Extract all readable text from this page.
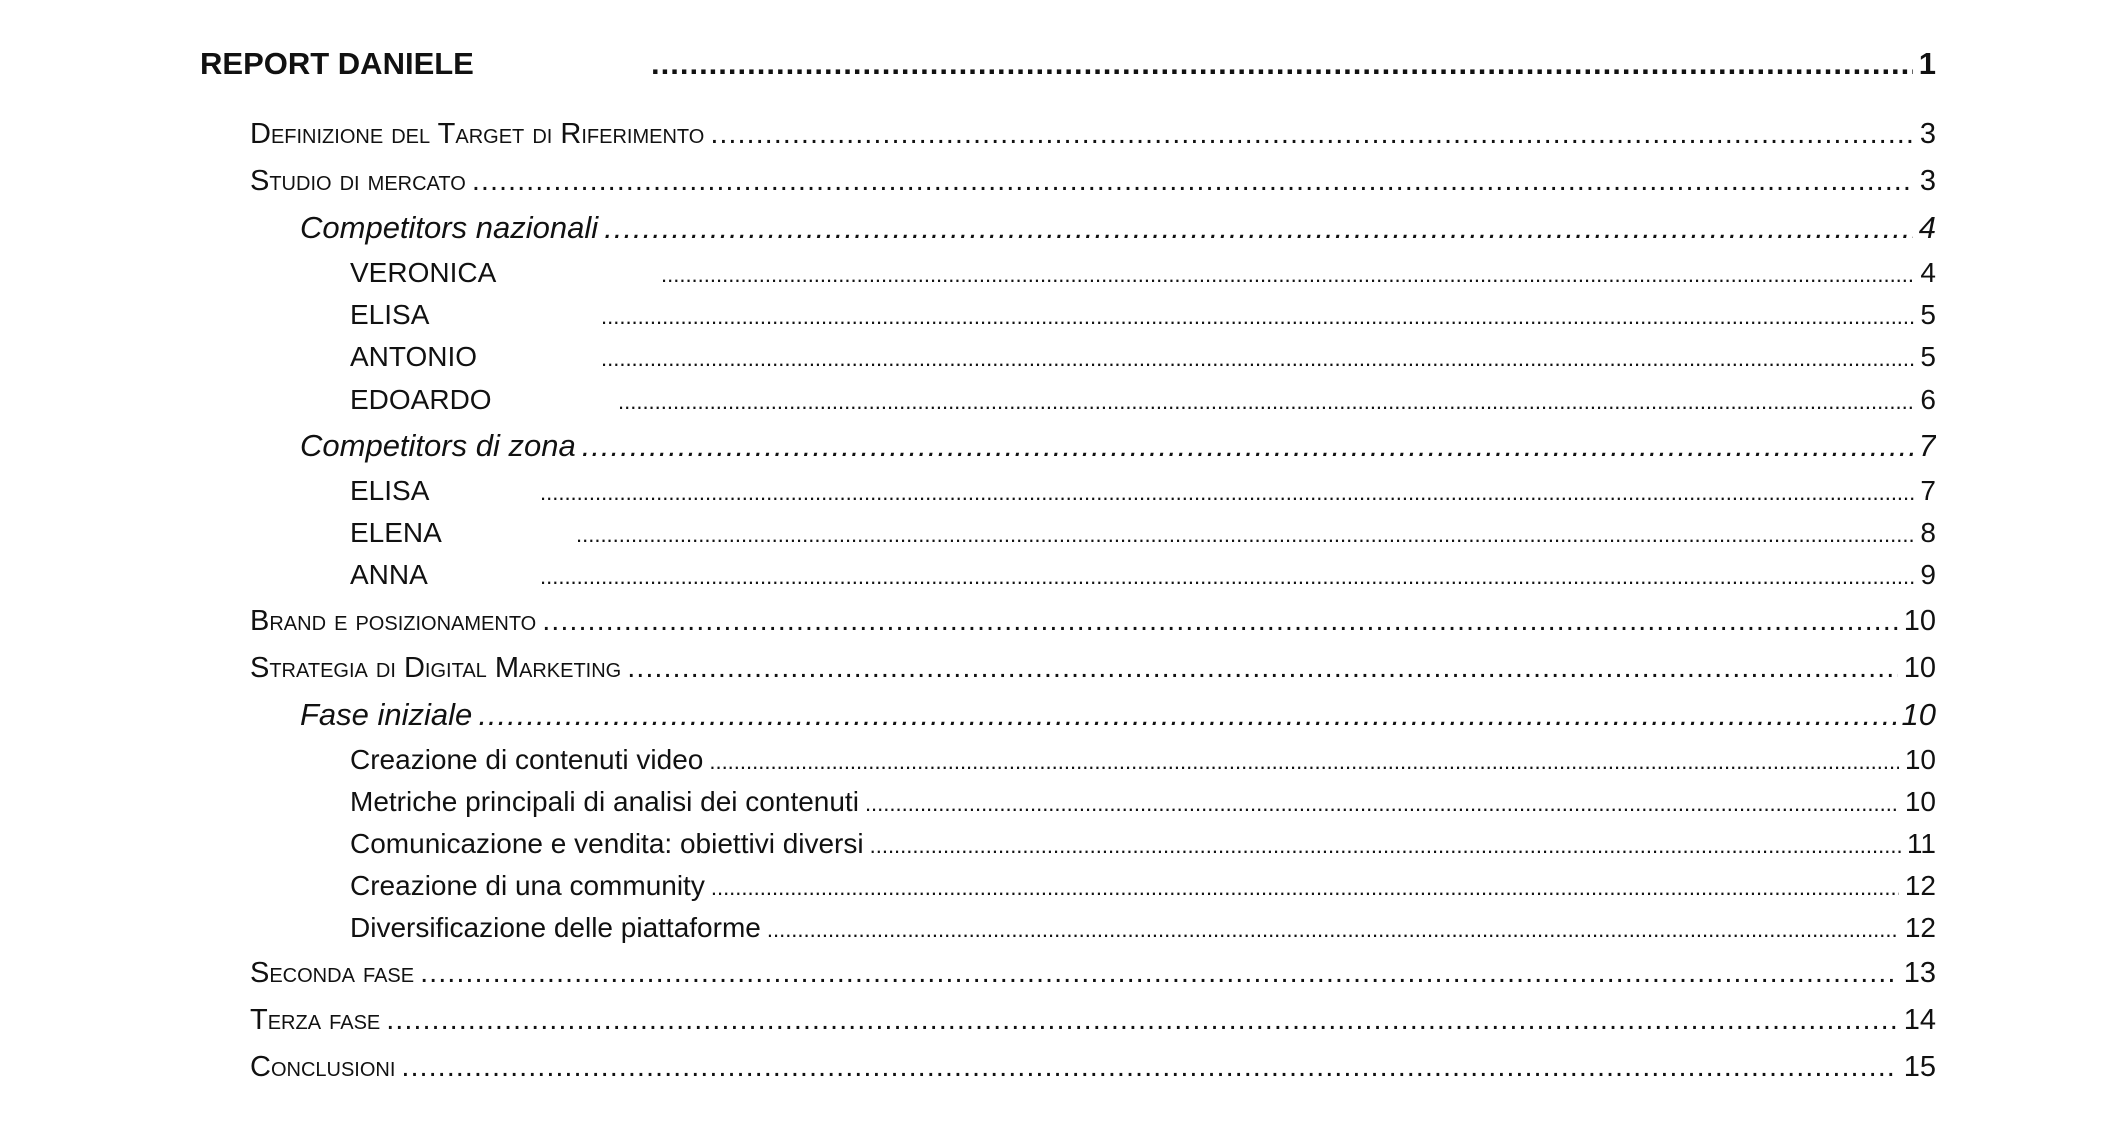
REPORT DANIELE .....	1
Definizione del Target di Riferimento .....	3
Studio di mercato .....	3
Competitors nazionali .....	4
VERONICA .....	4
ELISA .....	5
ANTONIO .....	5
EDOARDO .....	6
Competitors di zona .....	7
ELISA .....	7
ELENA .....	8
ANNA .....	9
Brand e posizionamento .....	10
Strategia di Digital Marketing .....	10
Fase iniziale .....	10
Creazione di contenuti video .....	10
Metriche principali di analisi dei contenuti .....	10
Comunicazione e vendita: obiettivi diversi .....	11
Creazione di una community .....	12
Diversificazione delle piattaforme .....	12
Seconda fase .....	13
Terza fase .....	14
Conclusioni .....	15
